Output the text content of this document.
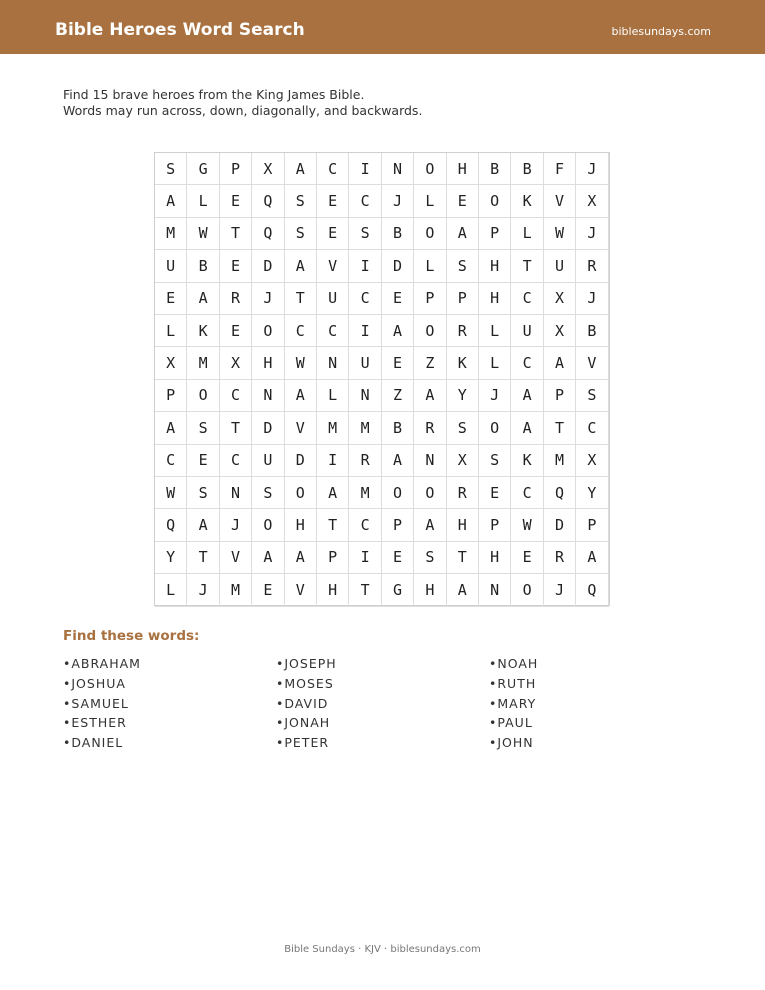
Bible Heroes Word Search	biblesundays.com
Find 15 brave heroes from the King James Bible.
Words may run across, down, diagonally, and backwards.
S	G	P	X	A	C	I	N	O	H	B	B	F	J
A	L	E	Q	S	E	C	J	L	E	O	K	V	X
M	W	T	Q	S	E	S	B	O	A	P	L	W	J
U	B	E	D	A	V	I	D	L	S	H	T	U	R
E	A	R	J	T	U	C	E	P	P	H	C	X	J
L	K	E	O	C	C	I	A	O	R	L	U	X	B
X	M	X	H	W	N	U	E	Z	K	L	C	A	V
P	O	C	N	A	L	N	Z	A	Y	J	A	P	S
A	S	T	D	V	M	M	B	R	S	O	A	T	C
C	E	C	U	D	I	R	A	N	X	S	K	M	X
W	S	N	S	O	A	M	O	O	R	E	C	Q	Y
Q	A	J	O	H	T	C	P	A	H	P	W	D	P
Y	T	V	A	A	P	I	E	S	T	H	E	R	A
L	J	M	E	V	H	T	G	H	A	N	O	J	Q
Find these words:
•ABRAHAM
•JOSHUA
•SAMUEL
•ESTHER
•DANIEL
•JOSEPH
•MOSES
•DAVID
•JONAH
•PETER
•NOAH
•RUTH
•MARY
•PAUL
•JOHN
Bible Sundays · KJV · biblesundays.com
